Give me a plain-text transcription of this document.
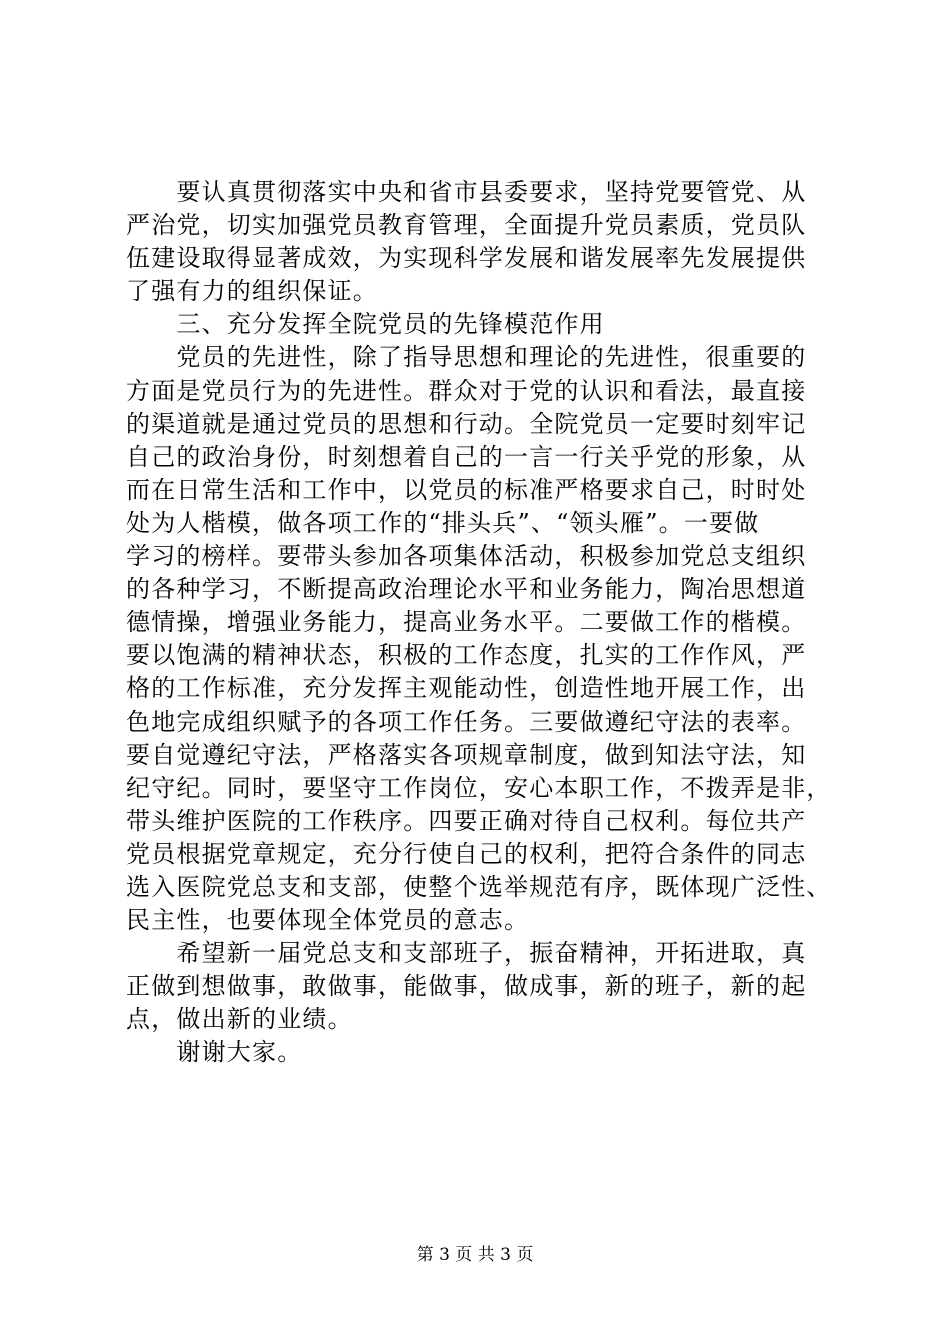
　　要认真贯彻落实中央和省市县委要求，坚持党要管党、从
严治党，切实加强党员教育管理，全面提升党员素质，党员队
伍建设取得显著成效，为实现科学发展和谐发展率先发展提供
了强有力的组织保证。
　　三、充分发挥全院党员的先锋模范作用
　　党员的先进性，除了指导思想和理论的先进性，很重要的
方面是党员行为的先进性。群众对于党的认识和看法，最直接
的渠道就是通过党员的思想和行动。全院党员一定要时刻牢记
自己的政治身份，时刻想着自己的一言一行关乎党的形象，从
而在日常生活和工作中，以党员的标准严格要求自己，时时处
处为人楷模，做各项工作的“排头兵”、“领头雁”。一要做
学习的榜样。要带头参加各项集体活动，积极参加党总支组织
的各种学习，不断提高政治理论水平和业务能力，陶冶思想道
德情操，增强业务能力，提高业务水平。二要做工作的楷模。
要以饱满的精神状态，积极的工作态度，扎实的工作作风，严
格的工作标准，充分发挥主观能动性，创造性地开展工作，出
色地完成组织赋予的各项工作任务。三要做遵纪守法的表率。
要自觉遵纪守法，严格落实各项规章制度，做到知法守法，知
纪守纪。同时，要坚守工作岗位，安心本职工作，不拨弄是非，
带头维护医院的工作秩序。四要正确对待自己权利。每位共产
党员根据党章规定，充分行使自己的权利，把符合条件的同志
选入医院党总支和支部，使整个选举规范有序，既体现广泛性、
民主性，也要体现全体党员的意志。
　　希望新一届党总支和支部班子，振奋精神，开拓进取，真
正做到想做事，敢做事，能做事，做成事，新的班子，新的起
点，做出新的业绩。
　　谢谢大家。
第 3 页 共 3 页
